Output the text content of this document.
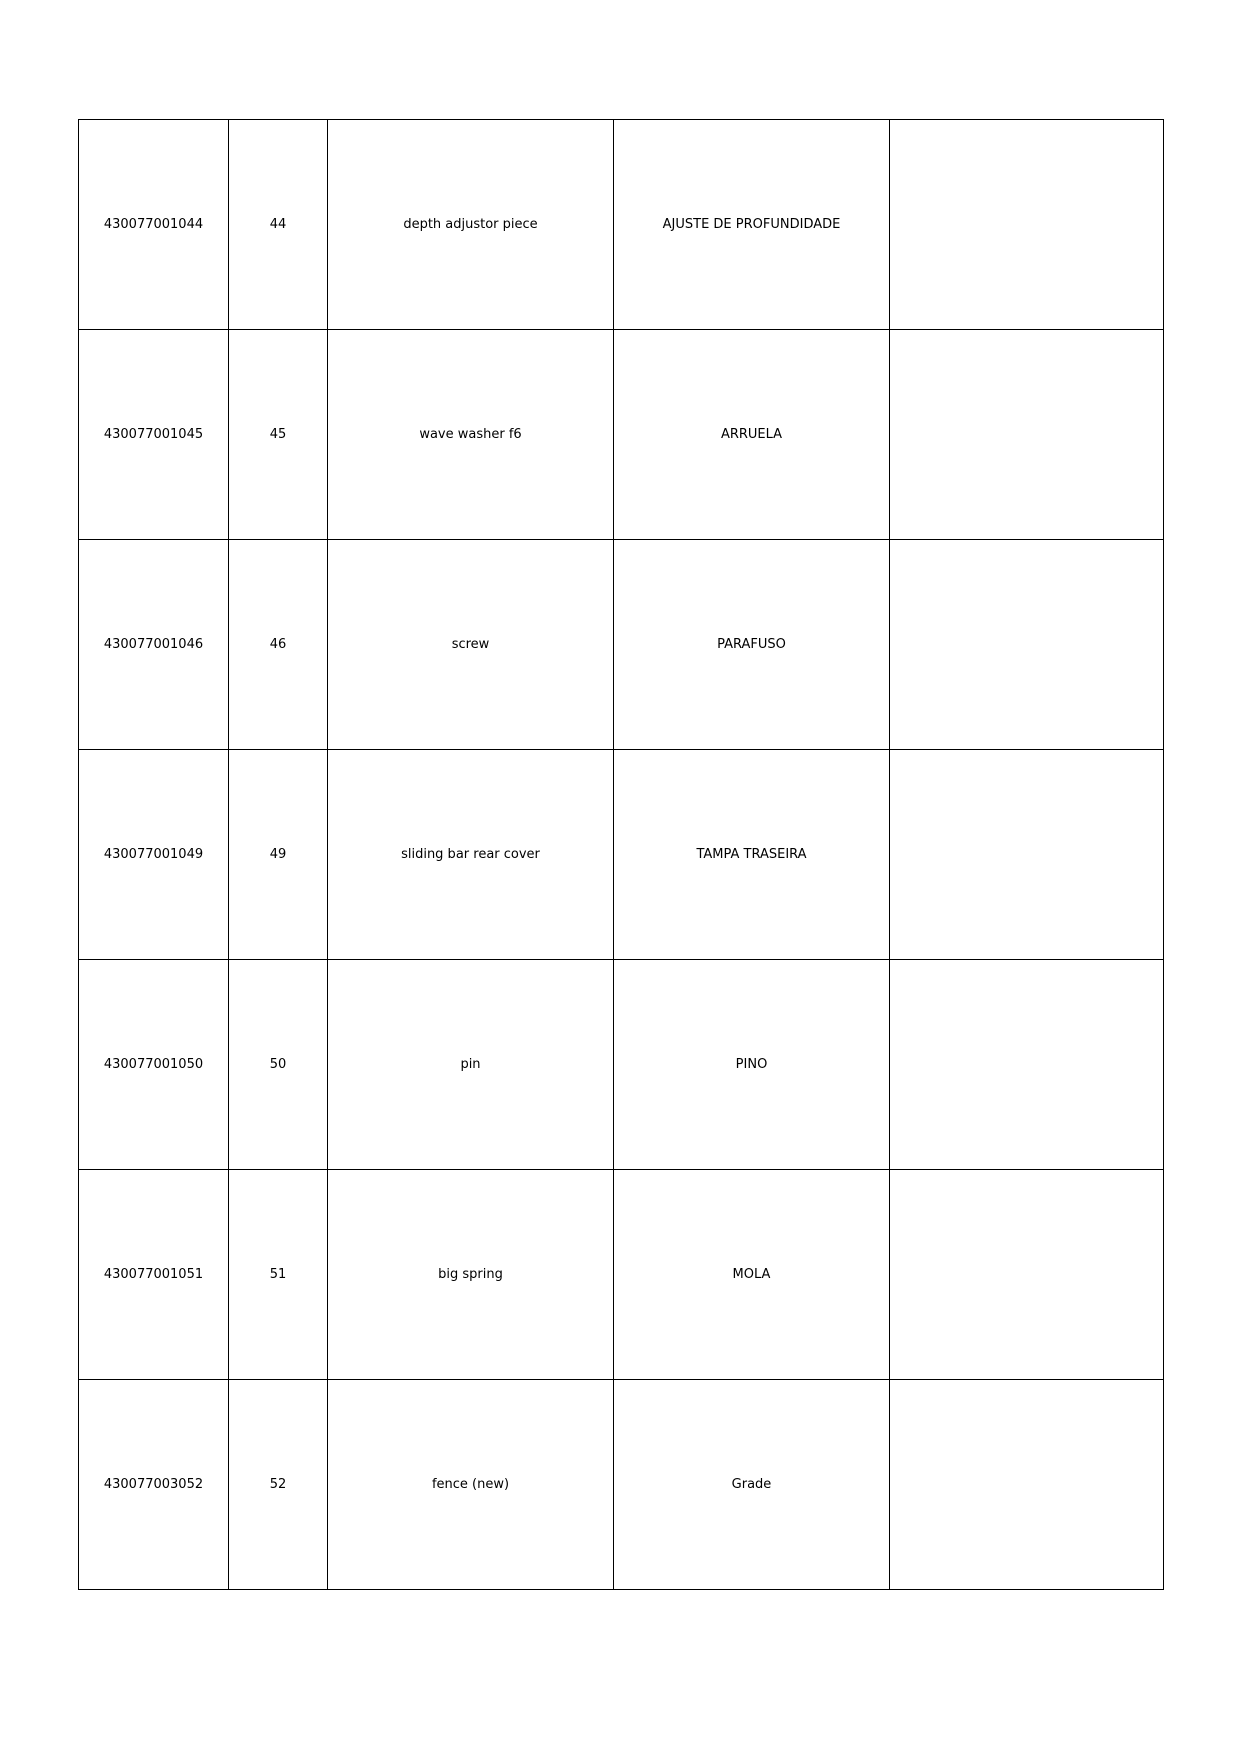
430077001044	44	depth adjustor piece	AJUSTE DE PROFUNDIDADE	
430077001045	45	wave washer f6	ARRUELA	
430077001046	46	screw	PARAFUSO	
430077001049	49	sliding bar rear cover	TAMPA TRASEIRA	
430077001050	50	pin	PINO	
430077001051	51	big spring	MOLA	
430077003052	52	fence (new)	Grade	
